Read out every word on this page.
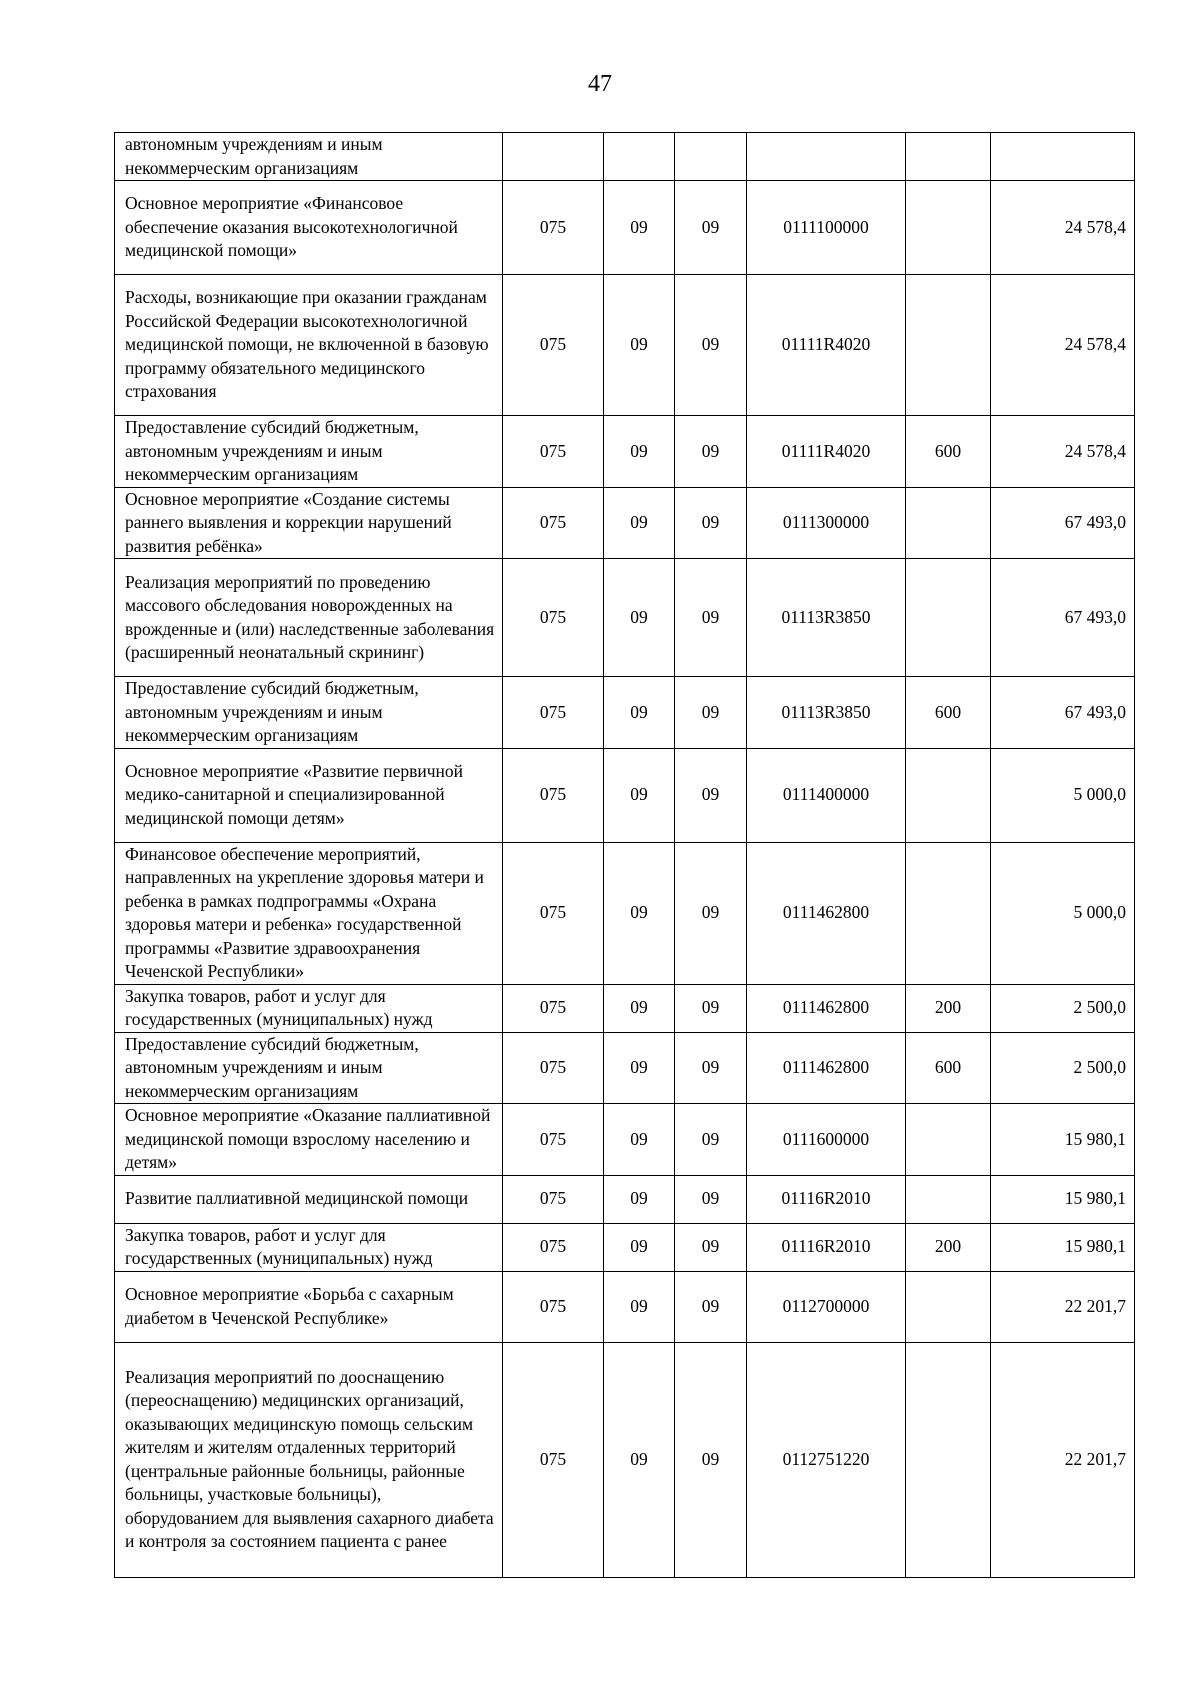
47
автономным учреждениям и иным некоммерческим организациям						
Основное мероприятие «Финансовое обеспечение оказания высокотехнологичной медицинской помощи»	075	09	09	0111100000		24 578,4
Расходы, возникающие при оказании гражданам Российской Федерации высокотехнологичной медицинской помощи, не включенной в базовую программу обязательного медицинского страхования	075	09	09	01111R4020		24 578,4
Предоставление субсидий бюджетным, автономным учреждениям и иным некоммерческим организациям	075	09	09	01111R4020	600	24 578,4
Основное мероприятие «Создание системы раннего выявления и коррекции нарушений развития ребёнка»	075	09	09	0111300000		67 493,0
Реализация мероприятий по проведению массового обследования новорожденных на врожденные и (или) наследственные заболевания (расширенный неонатальный скрининг)	075	09	09	01113R3850		67 493,0
Предоставление субсидий бюджетным, автономным учреждениям и иным некоммерческим организациям	075	09	09	01113R3850	600	67 493,0
Основное мероприятие «Развитие первичной медико-санитарной и специализированной медицинской помощи детям»	075	09	09	0111400000		5 000,0
Финансовое обеспечение мероприятий, направленных на укрепление здоровья матери и ребенка в рамках подпрограммы «Охрана здоровья матери и ребенка» государственной программы «Развитие здравоохранения Чеченской Республики»	075	09	09	0111462800		5 000,0
Закупка товаров, работ и услуг для государственных (муниципальных) нужд	075	09	09	0111462800	200	2 500,0
Предоставление субсидий бюджетным, автономным учреждениям и иным некоммерческим организациям	075	09	09	0111462800	600	2 500,0
Основное мероприятие «Оказание паллиативной медицинской помощи взрослому населению и детям»	075	09	09	0111600000		15 980,1
Развитие паллиативной медицинской помощи	075	09	09	01116R2010		15 980,1
Закупка товаров, работ и услуг для государственных (муниципальных) нужд	075	09	09	01116R2010	200	15 980,1
Основное мероприятие «Борьба с сахарным диабетом в Чеченской Республике»	075	09	09	0112700000		22 201,7
Реализация мероприятий по дооснащению (переоснащению) медицинских организаций, оказывающих медицинскую помощь сельским жителям и жителям отдаленных территорий (центральные районные больницы, районные больницы, участковые больницы), оборудованием для выявления сахарного диабета и контроля за состоянием пациента с ранее	075	09	09	0112751220		22 201,7
